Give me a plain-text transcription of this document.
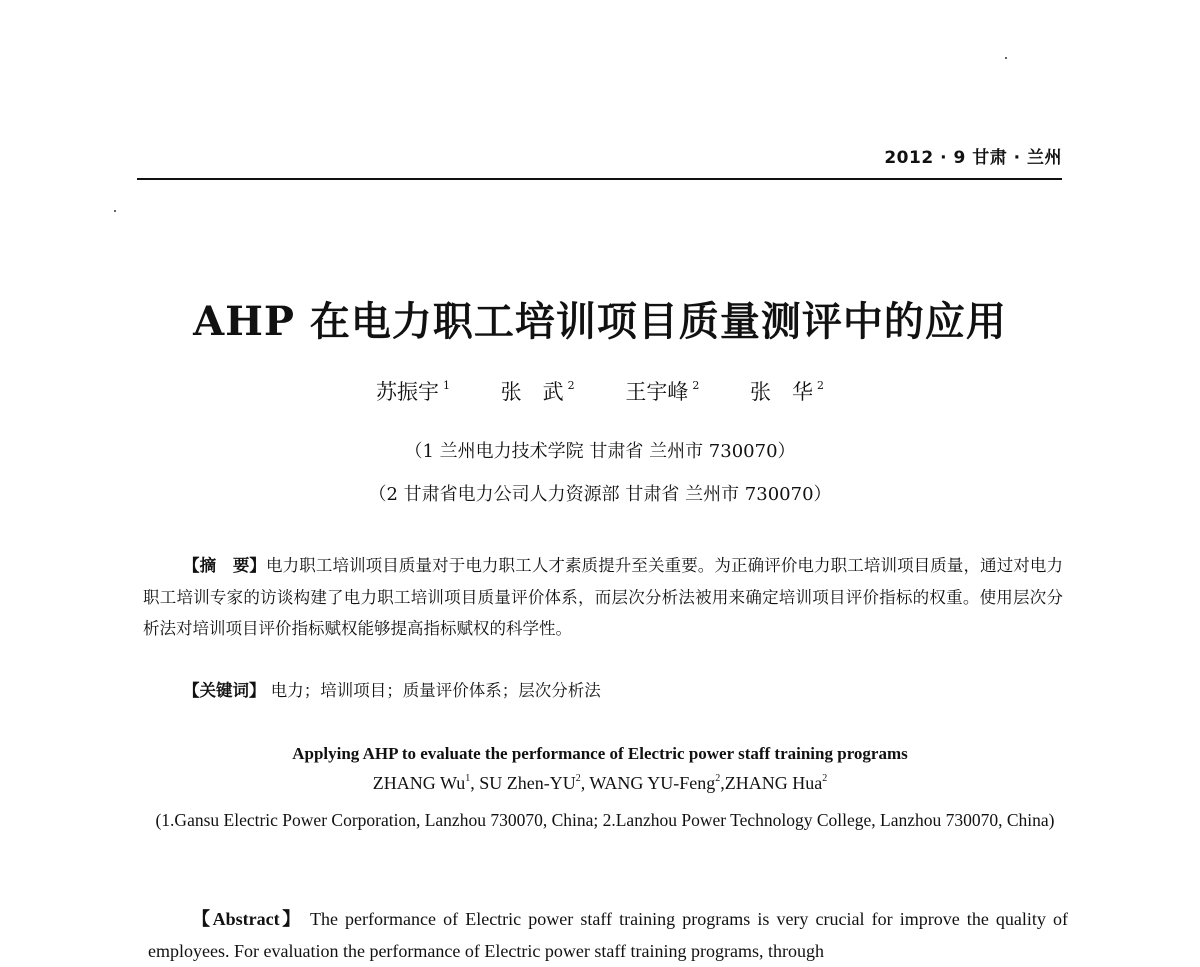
2012 · 9 甘肃 · 兰州
AHP 在电力职工培训项目质量测评中的应用
苏振宇 $^1$ 张　武 $^2$ 王宇峰 $^2$ 张　华 $^2$
（1 兰州电力技术学院 甘肃省 兰州市 730070）
（2 甘肃省电力公司人力资源部 甘肃省 兰州市 730070）
【摘　 要】电力职工培训项目质量对于电力职工人才素质提升至关重要。为正确评价电力职工培训项目质量，通过对电力职工培训专家的访谈构建了电力职工培训项目质量评价体系，而层次分析法被用来确定培训项目评价指标的权重。使用层次分析法对培训项目评价指标赋权能够提高指标赋权的科学性。
【关键词】 电力；培训项目；质量评价体系；层次分析法
Applying AHP to evaluate the performance of Electric power staff training programs
ZHANG Wu$^1$, SU Zhen-$YU^2$, WANG YU-Feng$^2$,ZHANG Hua$^2$
(1.Gansu Electric Power Corporation, Lanzhou 730070, China; 2.Lanzhou Power Technology College, Lanzhou 730070, China)
【Abstract】 The performance of Electric power staff training programs is very crucial for improve the quality of employees. For evaluation the performance of Electric power staff training programs, through
